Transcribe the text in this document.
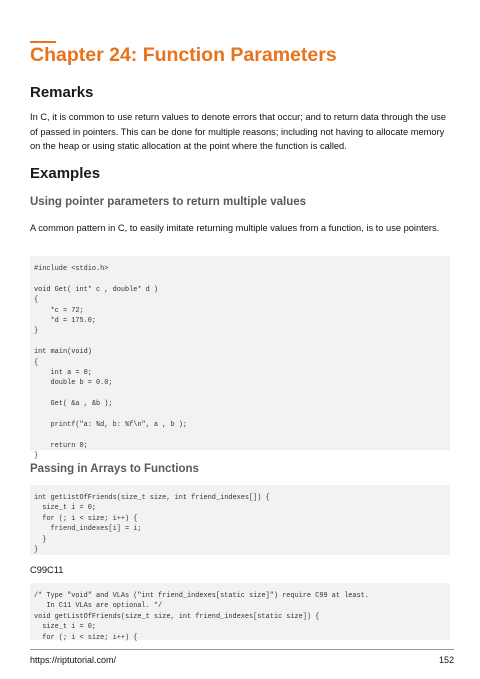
Chapter 24: Function Parameters
Remarks

In C, it is common to use return values to denote errors that occur; and to return data through the use of passed in pointers. This can be done for multiple reasons; including not having to allocate memory on the heap or using static allocation at the point where the function is called.

Examples
Using pointer parameters to return multiple values

A common pattern in C, to easily imitate returning multiple values from a function, is to use pointers.

#include <stdio.h>
void Get( int* c , double* d )
{
*c = 72;
*d = 175.0;
}
int main(void)
{
int a = 0;
double b = 0.0;
Get( &a , &b );
printf("a: %d, b: %f\n", a , b );
return 0;
}
Passing in Arrays to Functions
int getListOfFriends(size_t size, int friend_indexes[]) {
size_t i = 0;
for (; i < size; i++) {
friend_indexes[i] = i;
}
}

C99C11

/* Type "void" and VLAs ("int friend_indexes[static size]") require C99 at least.
In C11 VLAs are optional. */
void getListOfFriends(size_t size, int friend_indexes[static size]) {
size_t i = 0;
for (; i < size; i++) {
https://riptutorial.com/	152
